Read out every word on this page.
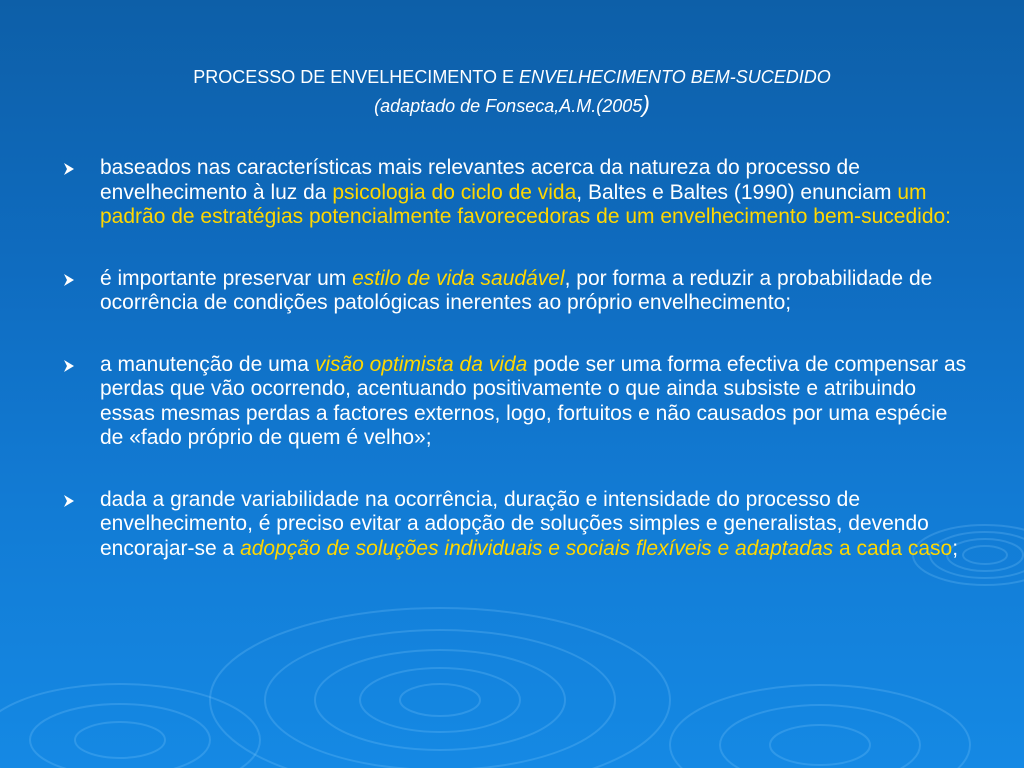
PROCESSO DE ENVELHECIMENTO E ENVELHECIMENTO BEM-SUCEDIDO
(adaptado de Fonseca,A.M.(2005)
baseados nas características mais relevantes acerca da natureza do processo de envelhecimento à luz da psicologia do ciclo de vida, Baltes e Baltes (1990) enunciam um padrão de estratégias potencialmente favorecedoras de um envelhecimento bem-sucedido:
é importante preservar um estilo de vida saudável, por forma a reduzir a probabilidade de ocorrência de condições patológicas inerentes ao próprio envelhecimento;
a manutenção de uma visão optimista da vida pode ser uma forma efectiva de compensar as perdas que vão ocorrendo, acentuando positivamente o que ainda subsiste e atribuindo essas mesmas perdas a factores externos, logo, fortuitos e não causados por uma espécie de «fado próprio de quem é velho»;
dada a grande variabilidade na ocorrência, duração e intensidade do processo de envelhecimento, é preciso evitar a adopção de soluções simples e generalistas, devendo encorajar-se a adopção de soluções individuais e sociais flexíveis e adaptadas a cada caso;
